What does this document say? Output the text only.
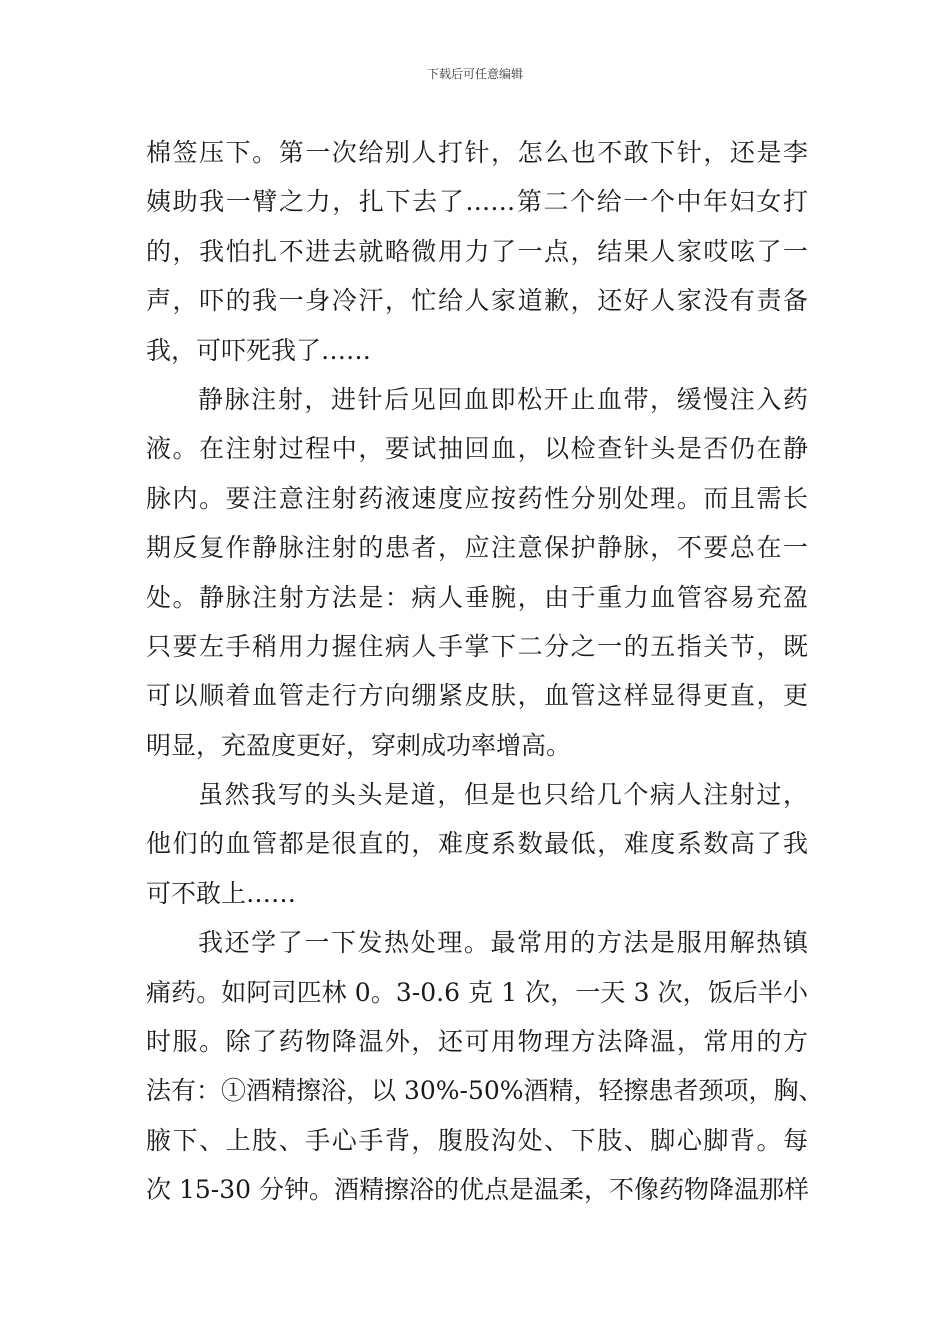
下载后可任意编辑
棉签压下。第一次给别人打针，怎么也不敢下针，还是李
姨助我一臂之力，扎下去了……第二个给一个中年妇女打
的，我怕扎不进去就略微用力了一点，结果人家哎呟了一
声，吓的我一身冷汗，忙给人家道歉，还好人家没有责备
我，可吓死我了……
静脉注射，进针后见回血即松开止血带，缓慢注入药
液。在注射过程中，要试抽回血，以检查针头是否仍在静
脉内。要注意注射药液速度应按药性分别处理。而且需长
期反复作静脉注射的患者，应注意保护静脉，不要总在一
处。静脉注射方法是：病人垂腕，由于重力血管容易充盈
只要左手稍用力握住病人手掌下二分之一的五指关节，既
可以顺着血管走行方向绷紧皮肤，血管这样显得更直，更
明显，充盈度更好，穿刺成功率增高。
虽然我写的头头是道，但是也只给几个病人注射过，
他们的血管都是很直的，难度系数最低，难度系数高了我
可不敢上……
我还学了一下发热处理。最常用的方法是服用解热镇
痛药。如阿司匹林 0。3-0.6 克 1 次，一天 3 次，饭后半小
时服。除了药物降温外，还可用物理方法降温，常用的方
法有：①酒精擦浴，以 30%-50%酒精，轻擦患者颈项，胸、
腋下、上肢、手心手背，腹股沟处、下肢、脚心脚背。每
次 15-30 分钟。酒精擦浴的优点是温柔，不像药物降温那样
